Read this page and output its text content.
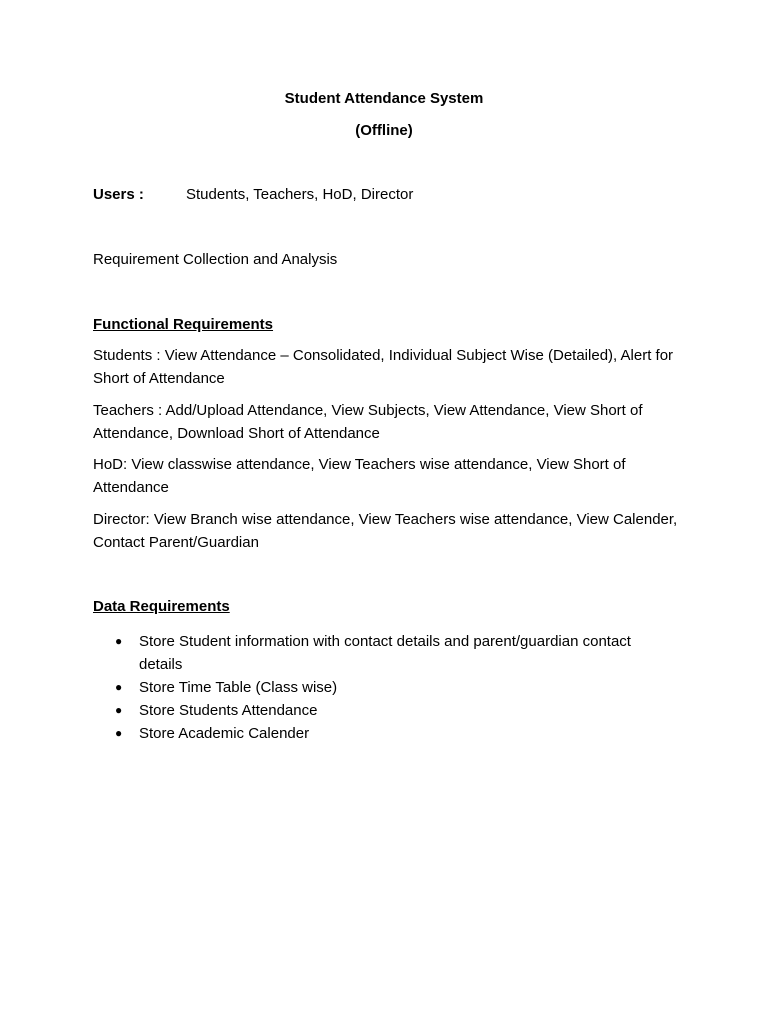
Student Attendance System

(Offline)

Users :	Students, Teachers, HoD, Director

Requirement Collection and Analysis

Functional Requirements

Students : View Attendance – Consolidated, Individual Subject Wise (Detailed), Alert for Short of Attendance

Teachers : Add/Upload Attendance, View Subjects, View Attendance, View Short of Attendance, Download Short of Attendance

HoD: View classwise attendance, View Teachers wise attendance, View Short of Attendance

Director: View Branch wise attendance, View Teachers wise attendance, View Calender, Contact Parent/Guardian

Data Requirements

● Store Student information with contact details and parent/guardian contact details
● Store Time Table (Class wise)
● Store Students Attendance
● Store Academic Calender
